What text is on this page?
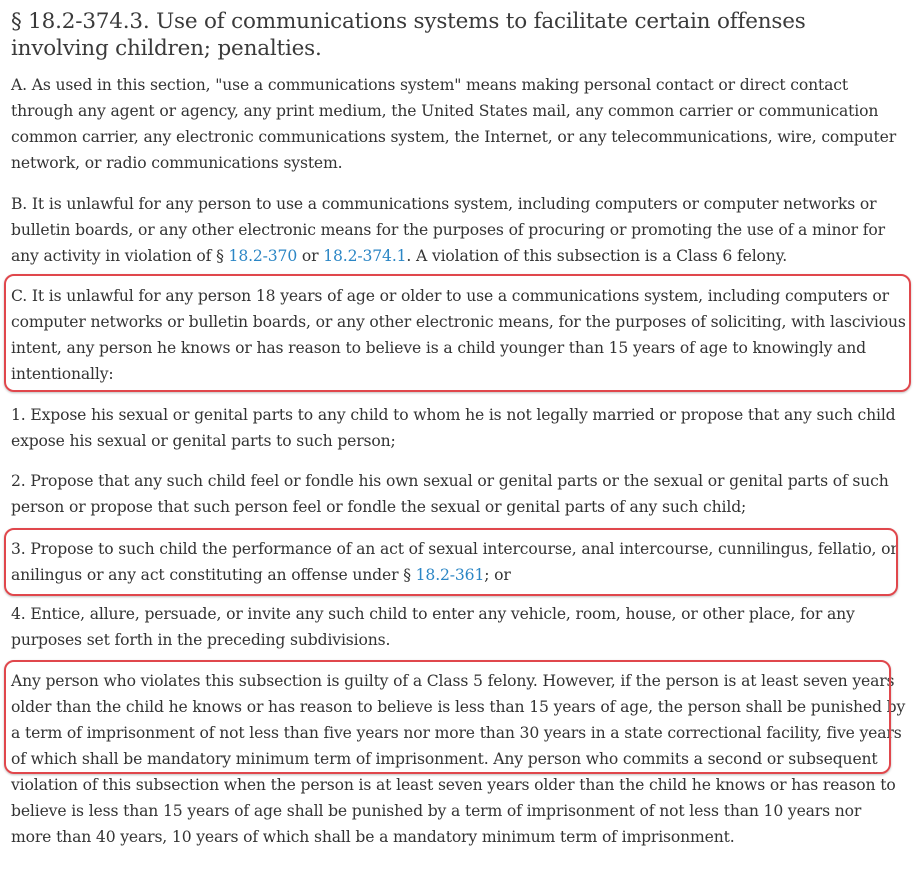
§ 18.2-374.3. Use of communications systems to facilitate certain offenses involving children; penalties.

A. As used in this section, "use a communications system" means making personal contact or direct contact through any agent or agency, any print medium, the United States mail, any common carrier or communication common carrier, any electronic communications system, the Internet, or any telecommunications, wire, computer network, or radio communications system.

B. It is unlawful for any person to use a communications system, including computers or computer networks or bulletin boards, or any other electronic means for the purposes of procuring or promoting the use of a minor for any activity in violation of § 18.2-370 or 18.2-374.1. A violation of this subsection is a Class 6 felony.

C. It is unlawful for any person 18 years of age or older to use a communications system, including computers or computer networks or bulletin boards, or any other electronic means, for the purposes of soliciting, with lascivious intent, any person he knows or has reason to believe is a child younger than 15 years of age to knowingly and intentionally:

1. Expose his sexual or genital parts to any child to whom he is not legally married or propose that any such child expose his sexual or genital parts to such person;

2. Propose that any such child feel or fondle his own sexual or genital parts or the sexual or genital parts of such person or propose that such person feel or fondle the sexual or genital parts of any such child;

3. Propose to such child the performance of an act of sexual intercourse, anal intercourse, cunnilingus, fellatio, or anilingus or any act constituting an offense under § 18.2-361; or

4. Entice, allure, persuade, or invite any such child to enter any vehicle, room, house, or other place, for any purposes set forth in the preceding subdivisions.

Any person who violates this subsection is guilty of a Class 5 felony. However, if the person is at least seven years older than the child he knows or has reason to believe is less than 15 years of age, the person shall be punished by a term of imprisonment of not less than five years nor more than 30 years in a state correctional facility, five years of which shall be mandatory minimum term of imprisonment. Any person who commits a second or subsequent violation of this subsection when the person is at least seven years older than the child he knows or has reason to believe is less than 15 years of age shall be punished by a term of imprisonment of not less than 10 years nor more than 40 years, 10 years of which shall be a mandatory minimum term of imprisonment.
